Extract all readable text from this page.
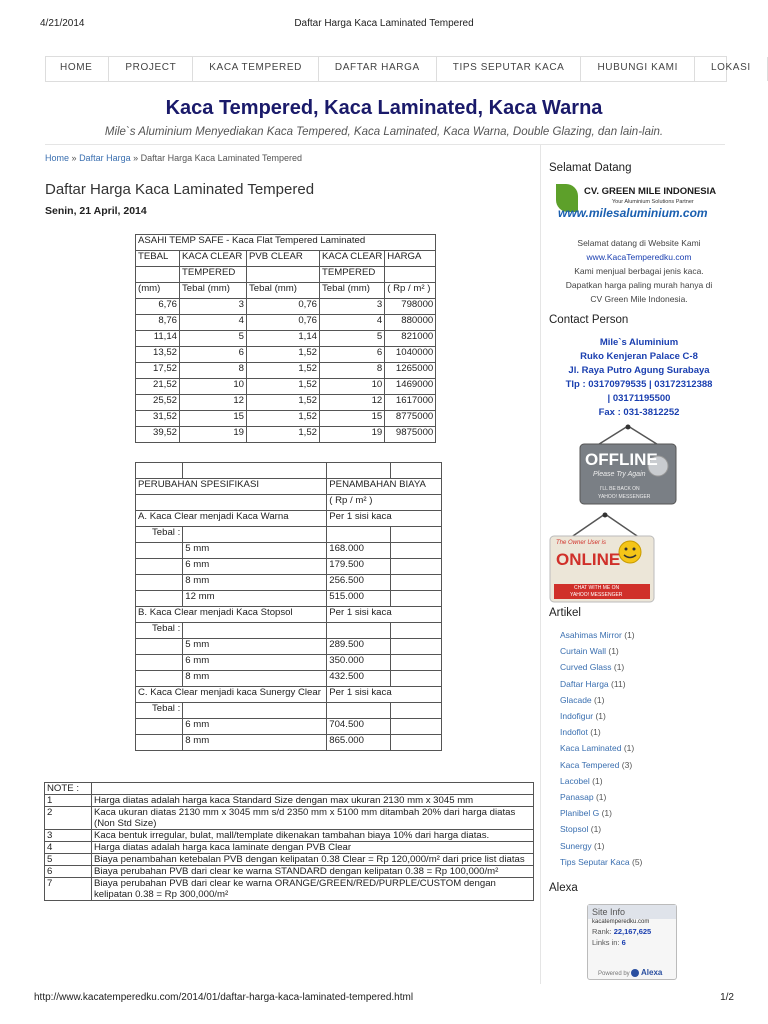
4/21/2014	Daftar Harga Kaca Laminated Tempered
HOME	PROJECT	KACA TEMPERED	DAFTAR HARGA	TIPS SEPUTAR KACA	HUBUNGI KAMI	LOKASI
Kaca Tempered, Kaca Laminated, Kaca Warna
Mile`s Aluminium Menyediakan Kaca Tempered, Kaca Laminated, Kaca Warna, Double Glazing, dan lain-lain.
Home » Daftar Harga » Daftar Harga Kaca Laminated Tempered
Daftar Harga Kaca Laminated Tempered
Senin, 21 April, 2014
ASAHI TEMP SAFE - Kaca Flat Tempered Laminated				
TEBAL	KACA CLEAR	PVB CLEAR	KACA CLEAR	HARGA
	TEMPERED		TEMPERED	
(mm)	Tebal (mm)	Tebal (mm)	Tebal (mm)	( Rp / m² )
6,76	3	0,76	3	798000
8,76	4	0,76	4	880000
11,14	5	1,14	5	821000
13,52	6	1,52	6	1040000
17,52	8	1,52	8	1265000
21,52	10	1,52	10	1469000
25,52	12	1,52	12	1617000
31,52	15	1,52	15	8775000
39,52	19	1,52	19	9875000

PERUBAHAN SPESIFIKASI		PENAMBAHAN BIAYA	
		( Rp / m² )	
A. Kaca Clear menjadi Kaca Warna		Per 1 sisi kaca	
Tebal :			
	5 mm	168.000	
	6 mm	179.500	
	8 mm	256.500	
	12 mm	515.000	
B. Kaca Clear menjadi Kaca Stopsol		Per 1 sisi kaca	
Tebal :			
	5 mm	289.500	
	6 mm	350.000	
	8 mm	432.500	
C. Kaca Clear menjadi kaca Sunergy Clear		Per 1 sisi kaca	
Tebal :			
	6 mm	704.500	
	8 mm	865.000	
NOTE :	
1	Harga diatas adalah harga kaca Standard Size dengan max ukuran 2130 mm x 3045 mm
2	Kaca ukuran diatas 2130 mm x 3045 mm s/d 2350 mm x 5100 mm ditambah 20% dari harga diatas (Non Std Size)
3	Kaca bentuk irregular, bulat, mall/template dikenakan tambahan biaya 10% dari harga diatas.
4	Harga diatas adalah harga kaca laminate dengan PVB Clear
5	Biaya penambahan ketebalan PVB dengan kelipatan 0.38 Clear = Rp 120,000/m² dari price list diatas
6	Biaya perubahan PVB dari clear ke warna STANDARD dengan kelipatan 0.38 = Rp 100,000/m²
7	Biaya perubahan PVB dari clear ke warna ORANGE/GREEN/RED/PURPLE/CUSTOM dengan kelipatan 0.38 = Rp 300,000/m²
Selamat Datang
CV. GREEN MILE INDONESIA
Your Aluminium Solutions Partner
www.milesaluminium.com
Selamat datang di Website Kami
www.KacaTemperedku.com
Kami menjual berbagai jenis kaca.
Dapatkan harga paling murah hanya di
CV Green Mile Indonesia.
Contact Person
Mile`s Aluminium
Ruko Kenjeran Palace C-8
Jl. Raya Putro Agung Surabaya
Tlp : 03170979535 | 03172312388
| 03171195500
Fax : 031-3812252
OFFLINE
Please Try Again
I'LL BE BACK ON
YAHOO! MESSENGER
The Owner User is
ONLINE
CHAT WITH ME ON
YAHOO! MESSENGER
Artikel
Asahimas Mirror (1)
Curtain Wall (1)
Curved Glass (1)
Daftar Harga (11)
Glacade (1)
Indofigur (1)
Indoflot (1)
Kaca Laminated (1)
Kaca Tempered (3)
Lacobel (1)
Panasap (1)
Planibel G (1)
Stopsol (1)
Sunergy (1)
Tips Seputar Kaca (5)
Alexa
Site Info
kacatemperedku.com
Rank: 22,167,625
Links in: 6
Powered by Alexa
http://www.kacatemperedku.com/2014/01/daftar-harga-kaca-laminated-tempered.html	1/2
